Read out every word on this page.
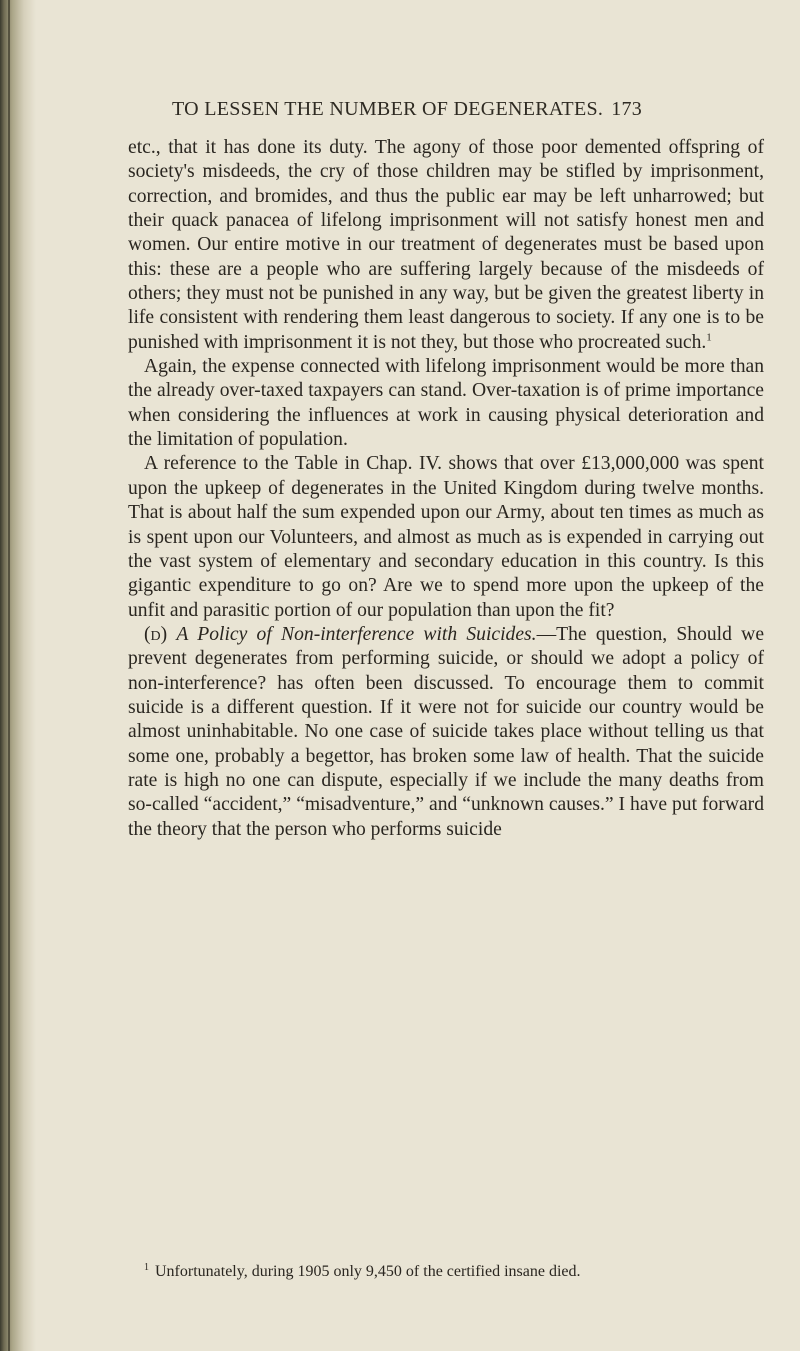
TO LESSEN THE NUMBER OF DEGENERATES. 173

etc., that it has done its duty. The agony of those poor demented offspring of society's misdeeds, the cry of those children may be stifled by imprisonment, correction, and bromides, and thus the public ear may be left unharrowed; but their quack panacea of lifelong imprisonment will not satisfy honest men and women. Our entire motive in our treatment of degenerates must be based upon this: these are a people who are suffering largely because of the misdeeds of others; they must not be punished in any way, but be given the greatest liberty in life consistent with rendering them least dangerous to society. If any one is to be punished with imprisonment it is not they, but those who procreated such.$^1$

Again, the expense connected with lifelong imprisonment would be more than the already over-taxed taxpayers can stand. Over-taxation is of prime importance when considering the influences at work in causing physical deterioration and the limitation of population.

A reference to the Table in Chap. IV. shows that over £13,000,000 was spent upon the upkeep of degenerates in the United Kingdom during twelve months. That is about half the sum expended upon our Army, about ten times as much as is spent upon our Volunteers, and almost as much as is expended in carrying out the vast system of elementary and secondary education in this country. Is this gigantic expenditure to go on? Are we to spend more upon the upkeep of the unfit and parasitic portion of our population than upon the fit?

(d) A Policy of Non-interference with Suicides.—The question, Should we prevent degenerates from performing suicide, or should we adopt a policy of non-interference? has often been discussed. To encourage them to commit suicide is a different question. If it were not for suicide our country would be almost uninhabitable. No one case of suicide takes place without telling us that some one, probably a begettor, has broken some law of health. That the suicide rate is high no one can dispute, especially if we include the many deaths from so-called “accident,” “misadventure,” and “unknown causes.” I have put forward the theory that the person who performs suicide

$^1$ Unfortunately, during 1905 only 9,450 of the certified insane died.
